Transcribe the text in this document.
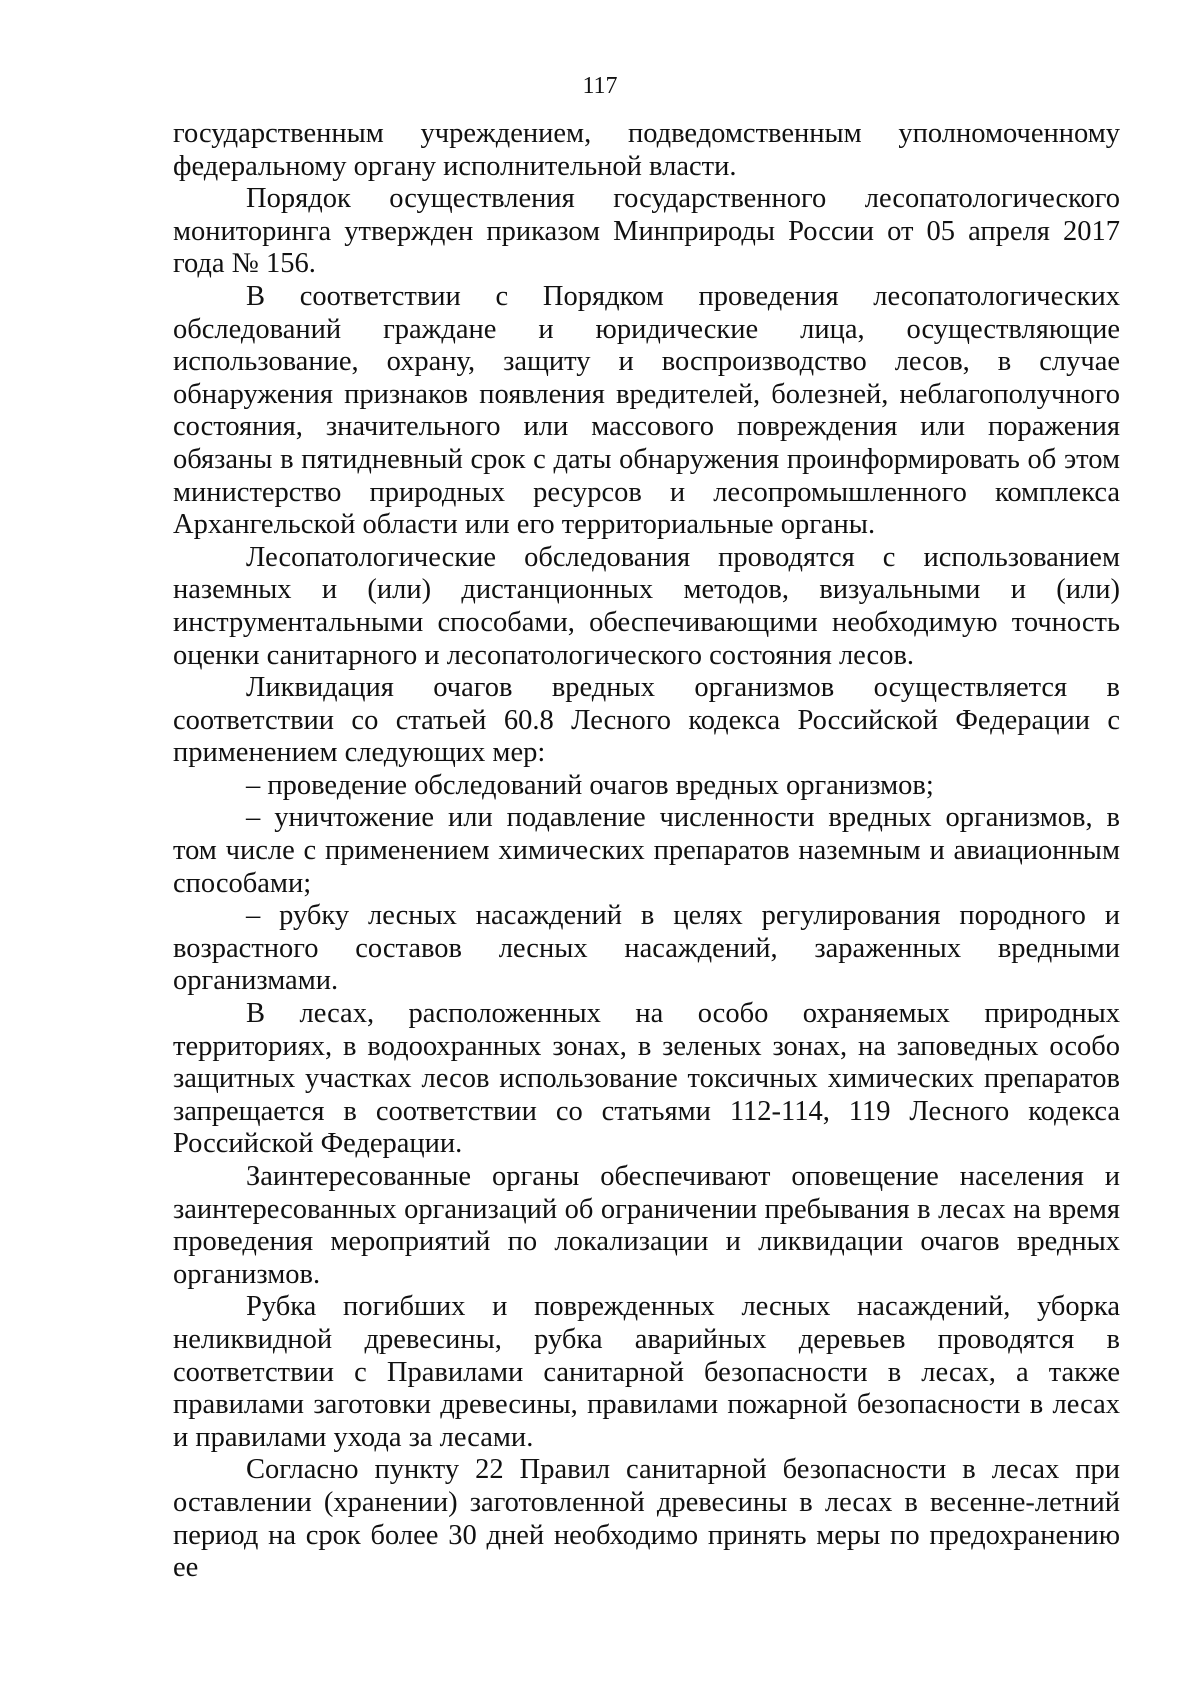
117

государственным учреждением, подведомственным уполномоченному федеральному органу исполнительной власти.

Порядок осуществления государственного лесопатологического мониторинга утвержден приказом Минприроды России от 05 апреля 2017 года № 156.

В соответствии с Порядком проведения лесопатологических обследований граждане и юридические лица, осуществляющие использование, охрану, защиту и воспроизводство лесов, в случае обнаружения признаков появления вредителей, болезней, неблагополучного состояния, значительного или массового повреждения или поражения обязаны в пятидневный срок с даты обнаружения проинформировать об этом министерство природных ресурсов и лесопромышленного комплекса Архангельской области или его территориальные органы.

Лесопатологические обследования проводятся с использованием наземных и (или) дистанционных методов, визуальными и (или) инструментальными способами, обеспечивающими необходимую точность оценки санитарного и лесопатологического состояния лесов.

Ликвидация очагов вредных организмов осуществляется в соответствии со статьей 60.8 Лесного кодекса Российской Федерации с применением следующих мер:

– проведение обследований очагов вредных организмов;

– уничтожение или подавление численности вредных организмов, в том числе с применением химических препаратов наземным и авиационным способами;

– рубку лесных насаждений в целях регулирования породного и возрастного составов лесных насаждений, зараженных вредными организмами.

В лесах, расположенных на особо охраняемых природных территориях, в водоохранных зонах, в зеленых зонах, на заповедных особо защитных участках лесов использование токсичных химических препаратов запрещается в соответствии со статьями 112-114, 119 Лесного кодекса Российской Федерации.

Заинтересованные органы обеспечивают оповещение населения и заинтересованных организаций об ограничении пребывания в лесах на время проведения мероприятий по локализации и ликвидации очагов вредных организмов.

Рубка погибших и поврежденных лесных насаждений, уборка неликвидной древесины, рубка аварийных деревьев проводятся в соответствии с Правилами санитарной безопасности в лесах, а также правилами заготовки древесины, правилами пожарной безопасности в лесах и правилами ухода за лесами.

Согласно пункту 22 Правил санитарной безопасности в лесах при оставлении (хранении) заготовленной древесины в лесах в весенне-летний период на срок более 30 дней необходимо принять меры по предохранению ее
